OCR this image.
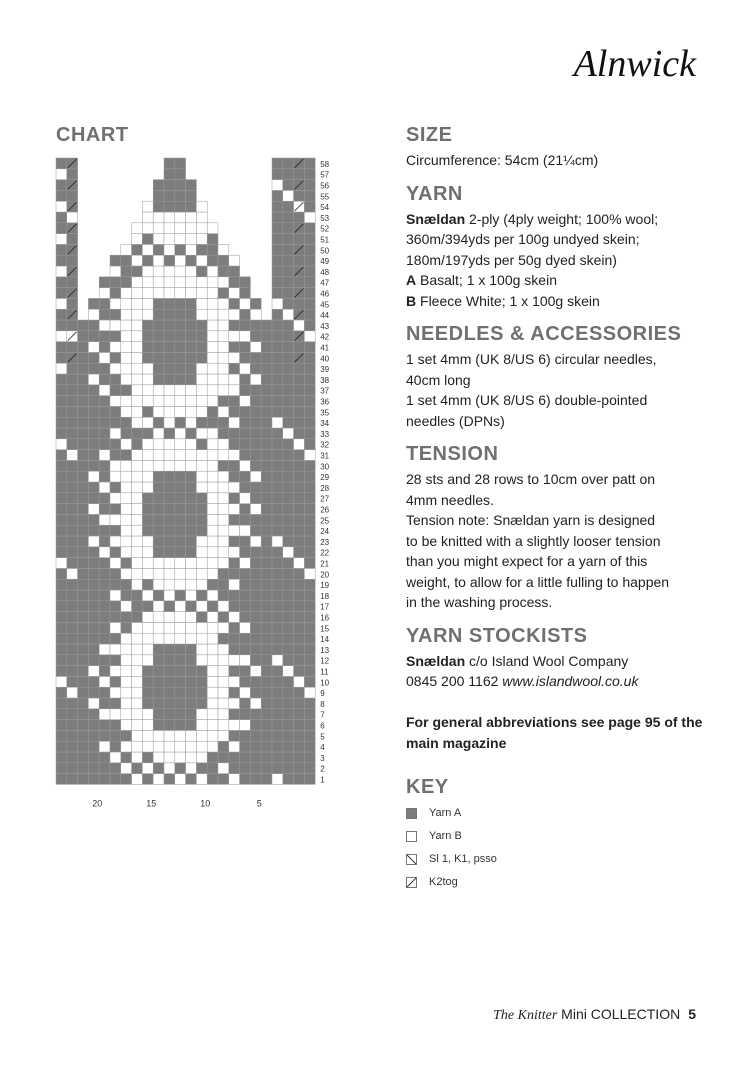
Alnwick
CHART
1
2
3
4
5
6
7
8
9
10
11
12
13
14
15
16
17
18
19
20
21
22
23
24
25
26
27
28
29
30
31
32
33
34
35
36
37
38
39
40
41
42
43
44
45
46
47
48
49
50
51
52
53
54
55
56
57
58
20	15	10	5
SIZE
Circumference: 54cm (21¼cm)
YARN
Snældan 2-ply (4ply weight; 100% wool;
360m/394yds per 100g undyed skein;
180m/197yds per 50g dyed skein)
A Basalt; 1 x 100g skein
B Fleece White; 1 x 100g skein
NEEDLES & ACCESSORIES
1 set 4mm (UK 8/US 6) circular needles,
40cm long
1 set 4mm (UK 8/US 6) double-pointed
needles (DPNs)
TENSION
28 sts and 28 rows to 10cm over patt on
4mm needles.
Tension note: Snældan yarn is designed
to be knitted with a slightly looser tension
than you might expect for a yarn of this
weight, to allow for a little fulling to happen
in the washing process.
YARN STOCKISTS
Snældan c/o Island Wool Company
0845 200 1162 www.islandwool.co.uk
For general abbreviations see page 95 of the main magazine
KEY
Yarn A
Yarn B
Sl 1, K1, psso
K2tog
The Knitter Mini COLLECTION 5
